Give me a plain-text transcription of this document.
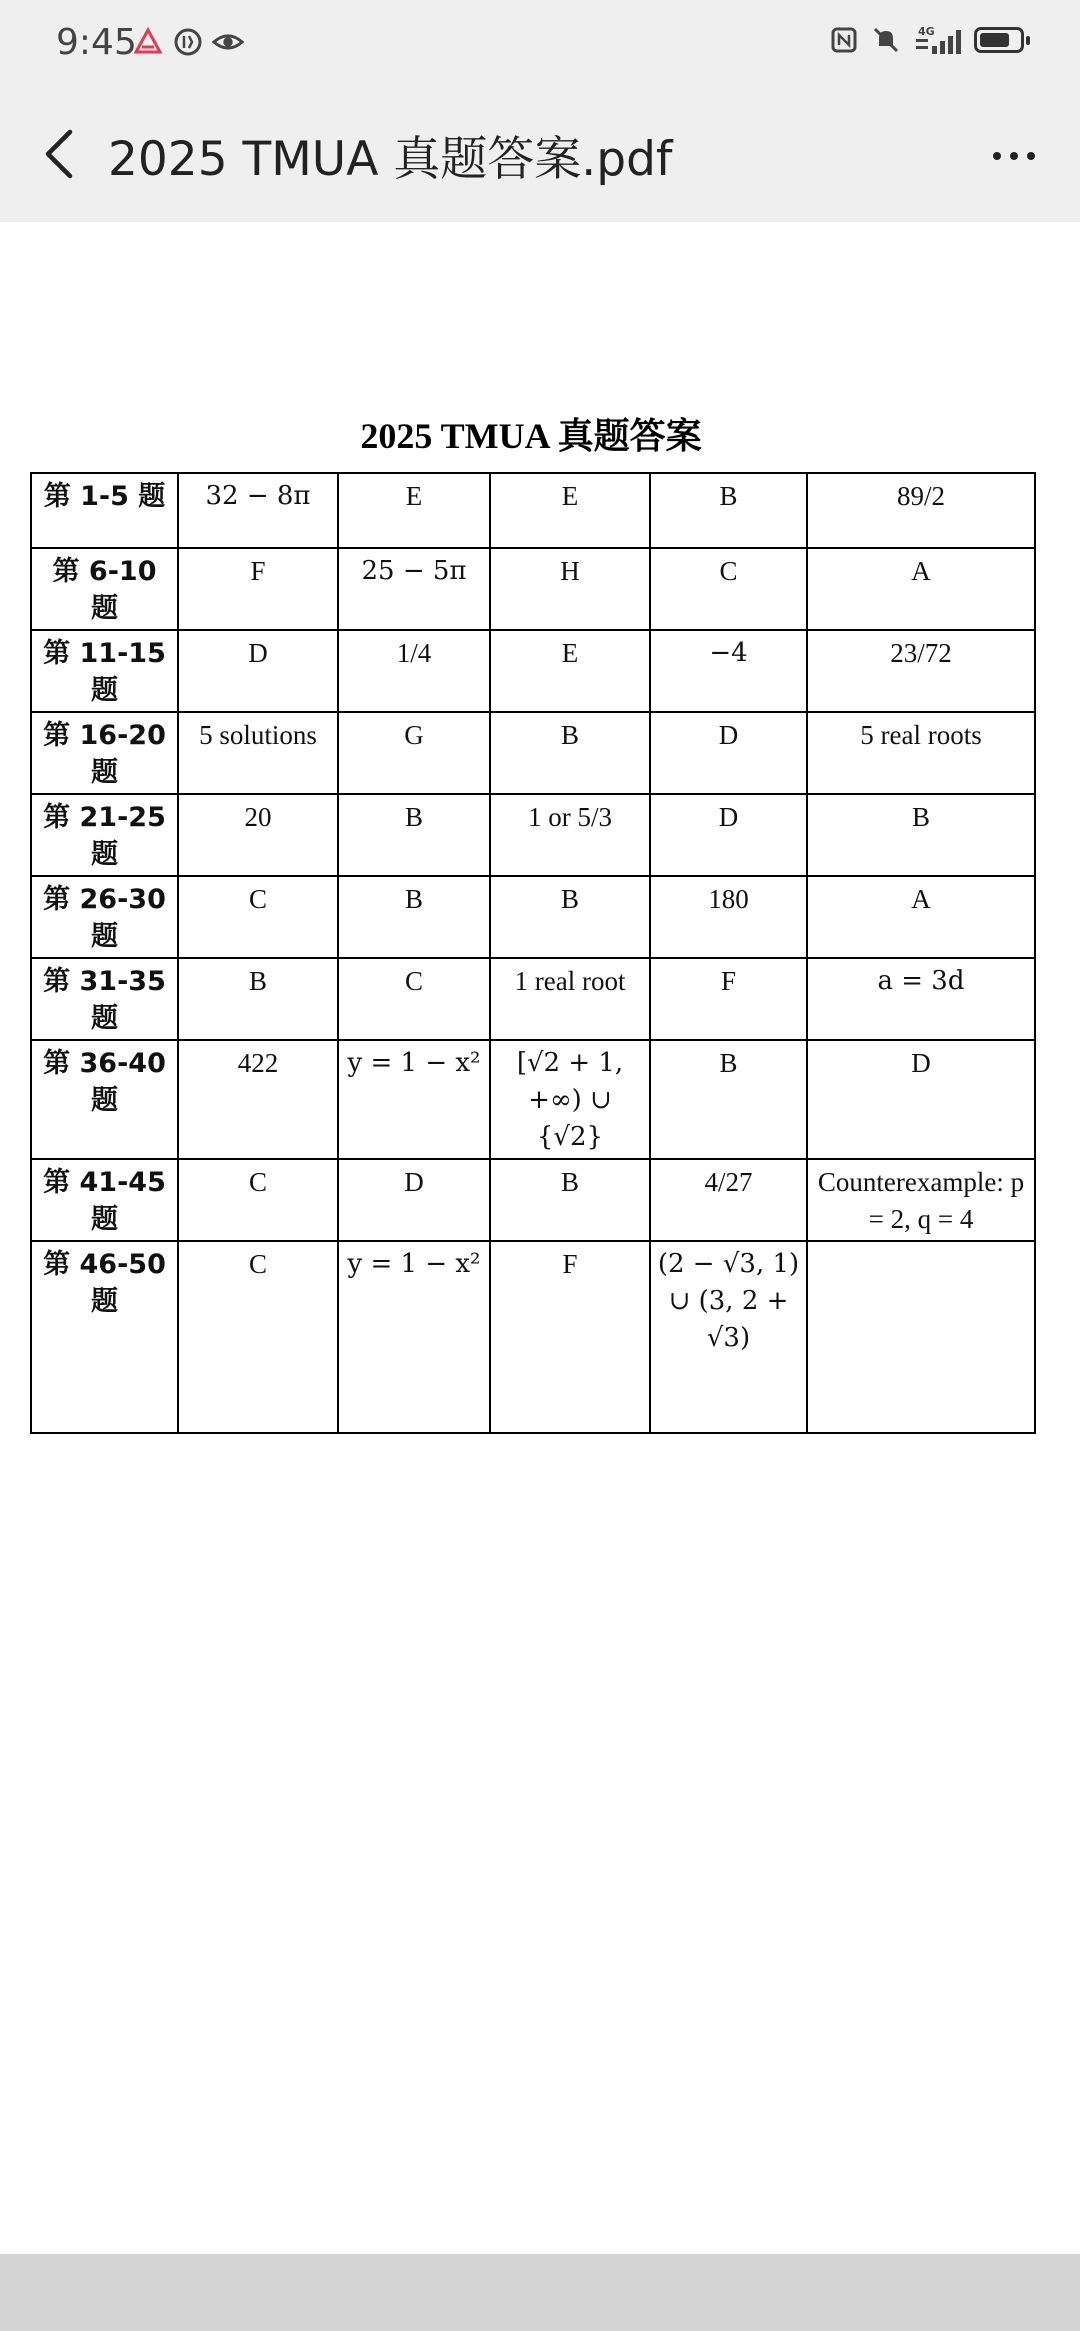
9:45	4G
2025 TMUA 真题答案.pdf
2025 TMUA 真题答案
第 1-5 题	32 − 8π	E	E	B	89/2
第 6-10 题	F	25 − 5π	H	C	A
第 11-15 题	D	1/4	E	−4	23/72
第 16-20 题	5 solutions	G	B	D	5 real roots
第 21-25 题	20	B	1 or 5/3	D	B
第 26-30 题	C	B	B	180	A
第 31-35 题	B	C	1 real root	F	a = 3d
第 36-40 题	422	y = 1 − x²	[√2 + 1, +∞) ∪ {√2}	B	D
第 41-45 题	C	D	B	4/27	Counterexample: p = 2, q = 4
第 46-50 题	C	y = 1 − x²	F	(2 − √3, 1) ∪ (3, 2 + √3)	
